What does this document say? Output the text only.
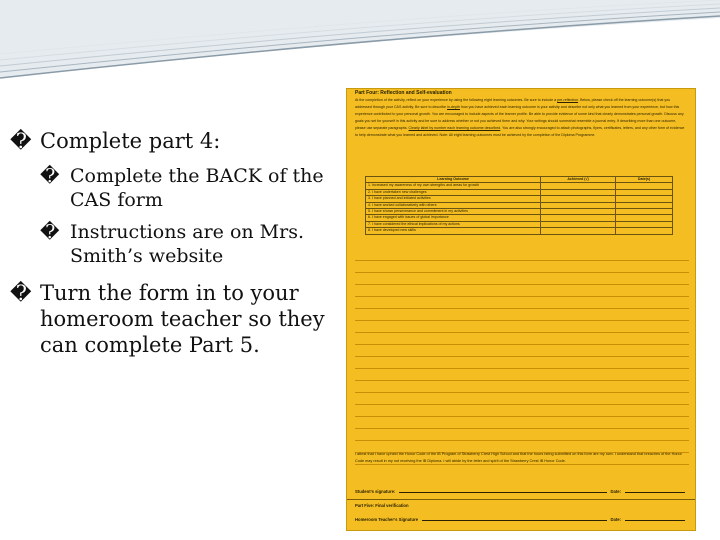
� Complete part 4:
� Complete the BACK of the CAS form
� Instructions are on Mrs. Smith’s website
� Turn the form in to your homeroom teacher so they can complete Part 5.
Part Four: Reflection and Self-evaluation
At the completion of the activity, reflect on your experience by using the following eight learning outcomes. Be sure to include a pre-reflection. Below, please check off the learning outcome(s) that you addressed through your CAS activity. Be sure to describe in-depth how you have achieved each learning outcome in your activity and describe not only what you learned from your experience, but how this experience contributed to your personal growth. You are encouraged to include aspects of the learner profile. Be able to provide evidence of some kind that clearly demonstrates personal growth. Discuss any goals you set for yourself in this activity and be sure to address whether or not you achieved them and why. Your writings should somewhat resemble a journal entry. If describing more than one outcome, please use separate paragraphs. Clearly label by number each learning outcome described. You are also strongly encouraged to attach photographs, flyers, certificates, letters, and any other form of evidence to help demonstrate what you learned and achieved. Note: All eight learning outcomes must be achieved by the completion of the Diploma Programme.
Learning Outcome	Achieved (√)	Date(s)
1. Increased my awareness of my own strengths and areas for growth		
2. I have undertaken new challenges		
3. I have planned and initiated activities		
4. I have worked collaboratively with others		
5. I have shown perseverance and commitment in my activities		
6. I have engaged with issues of global importance		
7. I have considered the ethical implications of my actions		
8. I have developed new skills		
I attest that I have upheld the Honor Code of the IB Program of Strawberry Crest High School and that the hours being submitted on this form are my own. I understand that breaches of the Honor Code may result in my not receiving the IB Diploma. I will abide by the letter and spirit of the Strawberry Crest IB Honor Code.
Student’s signature:	Date:
Part Five: Final verification
Homeroom Teacher’s Signature	Date:
